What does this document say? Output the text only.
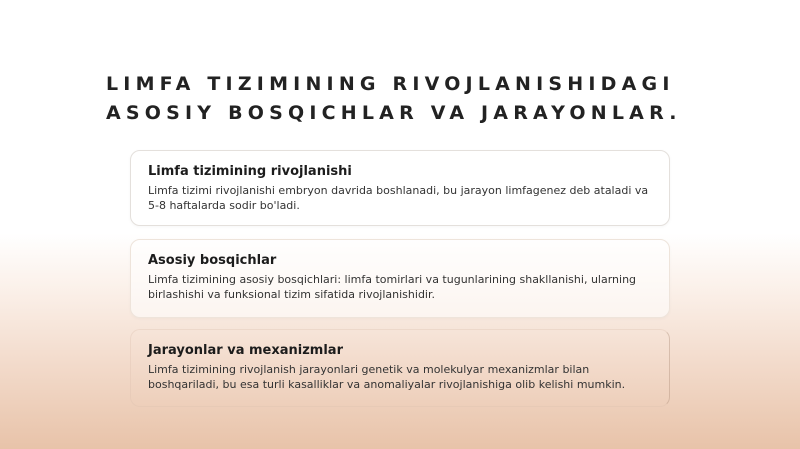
LIMFA TIZIMINING RIVOJLANISHIDAGI
ASOSIY BOSQICHLAR VA JARAYONLAR.
Limfa tizimining rivojlanishi

Limfa tizimi rivojlanishi embryon davrida boshlanadi, bu jarayon limfagenez deb ataladi va 5-8 haftalarda sodir bo'ladi.

Asosiy bosqichlar

Limfa tizimining asosiy bosqichlari: limfa tomirlari va tugunlarining shakllanishi, ularning birlashishi va funksional tizim sifatida rivojlanishidir.

Jarayonlar va mexanizmlar

Limfa tizimining rivojlanish jarayonlari genetik va molekulyar mexanizmlar bilan boshqariladi, bu esa turli kasalliklar va anomaliyalar rivojlanishiga olib kelishi mumkin.
